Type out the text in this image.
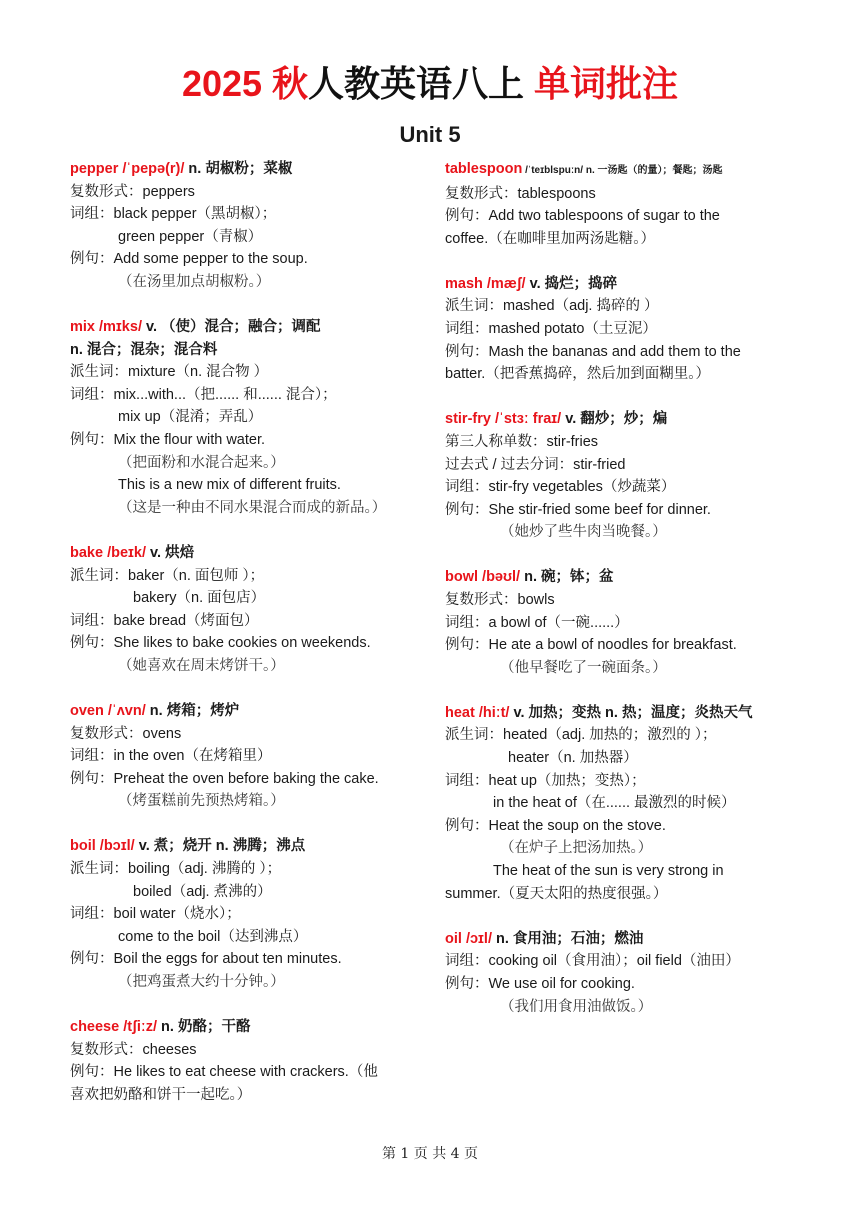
2025 秋人教英语八上 单词批注
Unit 5
pepper /ˈpepə(r)/ n. 胡椒粉；菜椒
复数形式：peppers
词组：black pepper（黑胡椒）；
green pepper（青椒）
例句：Add some pepper to the soup.
（在汤里加点胡椒粉。）
mix /mɪks/ v. （使）混合；融合；调配
n. 混合；混杂；混合料
派生词：mixture（n. 混合物 ）
词组：mix...with...（把...... 和...... 混合）；
mix up（混淆；弄乱）
例句：Mix the flour with water.
（把面粉和水混合起来。）
This is a new mix of different fruits.
（这是一种由不同水果混合而成的新品。）
bake /beɪk/ v. 烘焙
派生词：baker（n. 面包师 ）；
bakery（n. 面包店）
词组：bake bread（烤面包）
例句：She likes to bake cookies on weekends.
（她喜欢在周末烤饼干。）
oven /ˈʌvn/ n. 烤箱；烤炉
复数形式：ovens
词组：in the oven（在烤箱里）
例句：Preheat the oven before baking the cake.
（烤蛋糕前先预热烤箱。）
boil /bɔɪl/ v. 煮；烧开 n. 沸腾；沸点
派生词：boiling（adj. 沸腾的 ）；
boiled（adj. 煮沸的）
词组：boil water（烧水）；
come to the boil（达到沸点）
例句：Boil the eggs for about ten minutes.
（把鸡蛋煮大约十分钟。）
cheese /tʃiːz/ n. 奶酪；干酪
复数形式：cheeses
例句：He likes to eat cheese with crackers.（他
喜欢把奶酪和饼干一起吃。）
tablespoon /ˈteɪblspuːn/ n. 一汤匙（的量）；餐匙；汤匙
复数形式：tablespoons
例句：Add two tablespoons of sugar to the
coffee.（在咖啡里加两汤匙糖。）
mash /mæʃ/ v. 捣烂；捣碎
派生词：mashed（adj. 捣碎的 ）
词组：mashed potato（土豆泥）
例句：Mash the bananas and add them to the
batter.（把香蕉捣碎，然后加到面糊里。）
stir-fry /ˈstɜː fraɪ/ v. 翻炒；炒；煸
第三人称单数：stir-fries
过去式 / 过去分词：stir-fried
词组：stir-fry vegetables（炒蔬菜）
例句：She stir-fried some beef for dinner.
（她炒了些牛肉当晚餐。）
bowl /bəʊl/ n. 碗；钵；盆
复数形式：bowls
词组：a bowl of（一碗......）
例句：He ate a bowl of noodles for breakfast.
（他早餐吃了一碗面条。）
heat /hiːt/ v. 加热；变热 n. 热；温度；炎热天气
派生词：heated（adj. 加热的；激烈的 ）；
heater（n. 加热器）
词组：heat up（加热；变热）；
in the heat of（在...... 最激烈的时候）
例句：Heat the soup on the stove.
（在炉子上把汤加热。）
The heat of the sun is very strong in
summer.（夏天太阳的热度很强。）
oil /ɔɪl/ n. 食用油；石油；燃油
词组：cooking oil（食用油）；oil field（油田）
例句：We use oil for cooking.
（我们用食用油做饭。）
第 1 页 共 4 页
